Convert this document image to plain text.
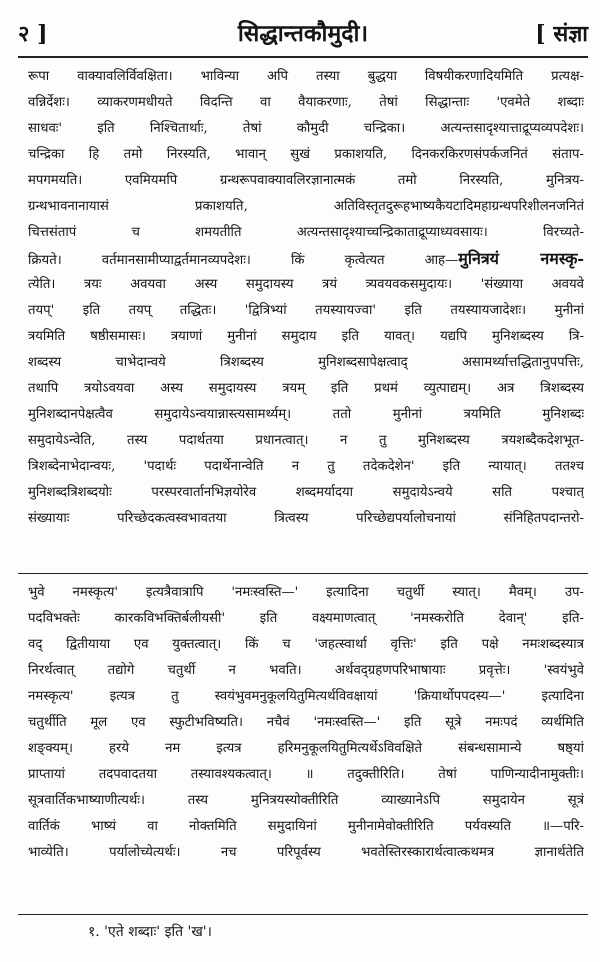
२ ]	सिद्धान्तकौमुदी।	[ संज्ञा
रूपा वाक्यावलिर्विवक्षिता। भाविन्या अपि तस्या बुद्धया विषयीकरणादियमिति प्रत्यक्ष-
वन्निर्देशः। व्याकरणमधीयते विदन्ति वा वैयाकरणाः, तेषां सिद्धान्ताः 'एवमेते शब्दाः
साधवः' इति निश्चितार्थाः, तेषां कौमुदी चन्द्रिका। अत्यन्तसादृश्यात्ताद्रूप्यव्यपदेशः।
चन्द्रिका हि तमो निरस्यति, भावान् सुखं प्रकाशयति, दिनकरकिरणसंपर्कजनितं संताप-
मपगमयति। एवमियमपि ग्रन्थरूपवाक्यावलिरज्ञानात्मकं तमो निरस्यति, मुनित्रय-
ग्रन्थभावनानायासं प्रकाशयति, अतिविस्तृतदुरूहभाष्यकैयटादिमहाग्रन्थपरिशीलनजनितं
चित्तसंतापं च शमयतीति अत्यन्तसादृश्याच्चन्द्रिकाताद्रूप्याध्यवसायः। विरच्यते-
क्रियते। वर्तमानसामीप्याद्वर्तमानव्यपदेशः। किं कृत्वेत्यत आह—मुनित्रयं नमस्कृ-
त्येति। त्रयः अवयवा अस्य समुदायस्य त्रयं त्र्यवयवकसमुदायः। 'संख्याया अवयवे
तयप्' इति तयप् तद्धितः। 'द्वित्रिभ्यां तयस्यायज्वा' इति तयस्यायजादेशः। मुनीनां
त्रयमिति षष्ठीसमासः। त्रयाणां मुनीनां समुदाय इति यावत्। यद्यपि मुनिशब्दस्य त्रि-
शब्दस्य चाभेदान्वये त्रिशब्दस्य मुनिशब्दसापेक्षत्वाद् असामर्थ्यात्तद्धितानुपपत्तिः,
तथापि त्रयोऽवयवा अस्य समुदायस्य त्रयम् इति प्रथमं व्युत्पाद्यम्। अत्र त्रिशब्दस्य
मुनिशब्दानपेक्षत्वैव समुदायेऽन्वयान्नास्त्यसामर्थ्यम्। ततो मुनीनां त्रयमिति मुनिशब्दः
समुदायेऽन्वेति, तस्य पदार्थतया प्रधानत्वात्। न तु मुनिशब्दस्य त्रयशब्दैकदेशभूत-
त्रिशब्देनाभेदान्वयः, 'पदार्थः पदार्थेनान्वेति न तु तदेकदेशेन' इति न्यायात्। ततश्च
मुनिशब्दत्रिशब्दयोः परस्परवार्तानभिज्ञयोरेव शब्दमर्यादया समुदायेऽन्वये सति पश्चात्
संख्यायाः परिच्छेदकत्वस्वभावतया त्रित्वस्य परिच्छेद्यपर्यालोचनायां संनिहितपदान्तरो-
भुवे नमस्कृत्य' इत्यत्रैवात्रापि 'नमःस्वस्ति—' इत्यादिना चतुर्थी स्यात्। मैवम्। उप-
पदविभक्तेः कारकविभक्तिर्बलीयसी' इति वक्ष्यमाणत्वात् 'नमस्करोति देवान्' इति-
वद् द्वितीयाया एव युक्तत्वात्। किं च 'जहत्स्वार्था वृत्तिः' इति पक्षे नमःशब्दस्यात्र
निरर्थत्वात् तद्योगे चतुर्थी न भवति। अर्थवद्ग्रहणपरिभाषायाः प्रवृत्तेः। 'स्वयंभुवे
नमस्कृत्य' इत्यत्र तु स्वयंभुवमनुकूलयितुमित्यर्थविवक्षायां 'क्रियार्थोपपदस्य—' इत्यादिना
चतुर्थीति मूल एव स्फुटीभविष्यति। नचैवं 'नमःस्वस्ति—' इति सूत्रे नमःपदं व्यर्थमिति
शङ्क्यम्। हरये नम इत्यत्र हरिमनुकूलयितुमित्यर्थेऽविवक्षिते संबन्धसामान्ये षष्ठ्यां
प्राप्तायां तदपवादतया तस्यावश्यकत्वात्। ॥ तदुक्तीरिति। तेषां पाणिन्यादीनामुक्तीः।
सूत्रवार्तिकभाष्याणीत्यर्थः। तस्य मुनित्रयस्योक्तीरिति व्याख्यानेऽपि समुदायेन सूत्रं
वार्तिकं भाष्यं वा नोक्तमिति समुदायिनां मुनीनामेवोक्तीरिति पर्यवस्यति ॥—परि-
भाव्येति। पर्यालोच्येत्यर्थः। नच परिपूर्वस्य भवतेस्तिरस्कारार्थत्वात्कथमत्र ज्ञानार्थतेति
१. 'एते शब्दाः' इति 'ख'।
